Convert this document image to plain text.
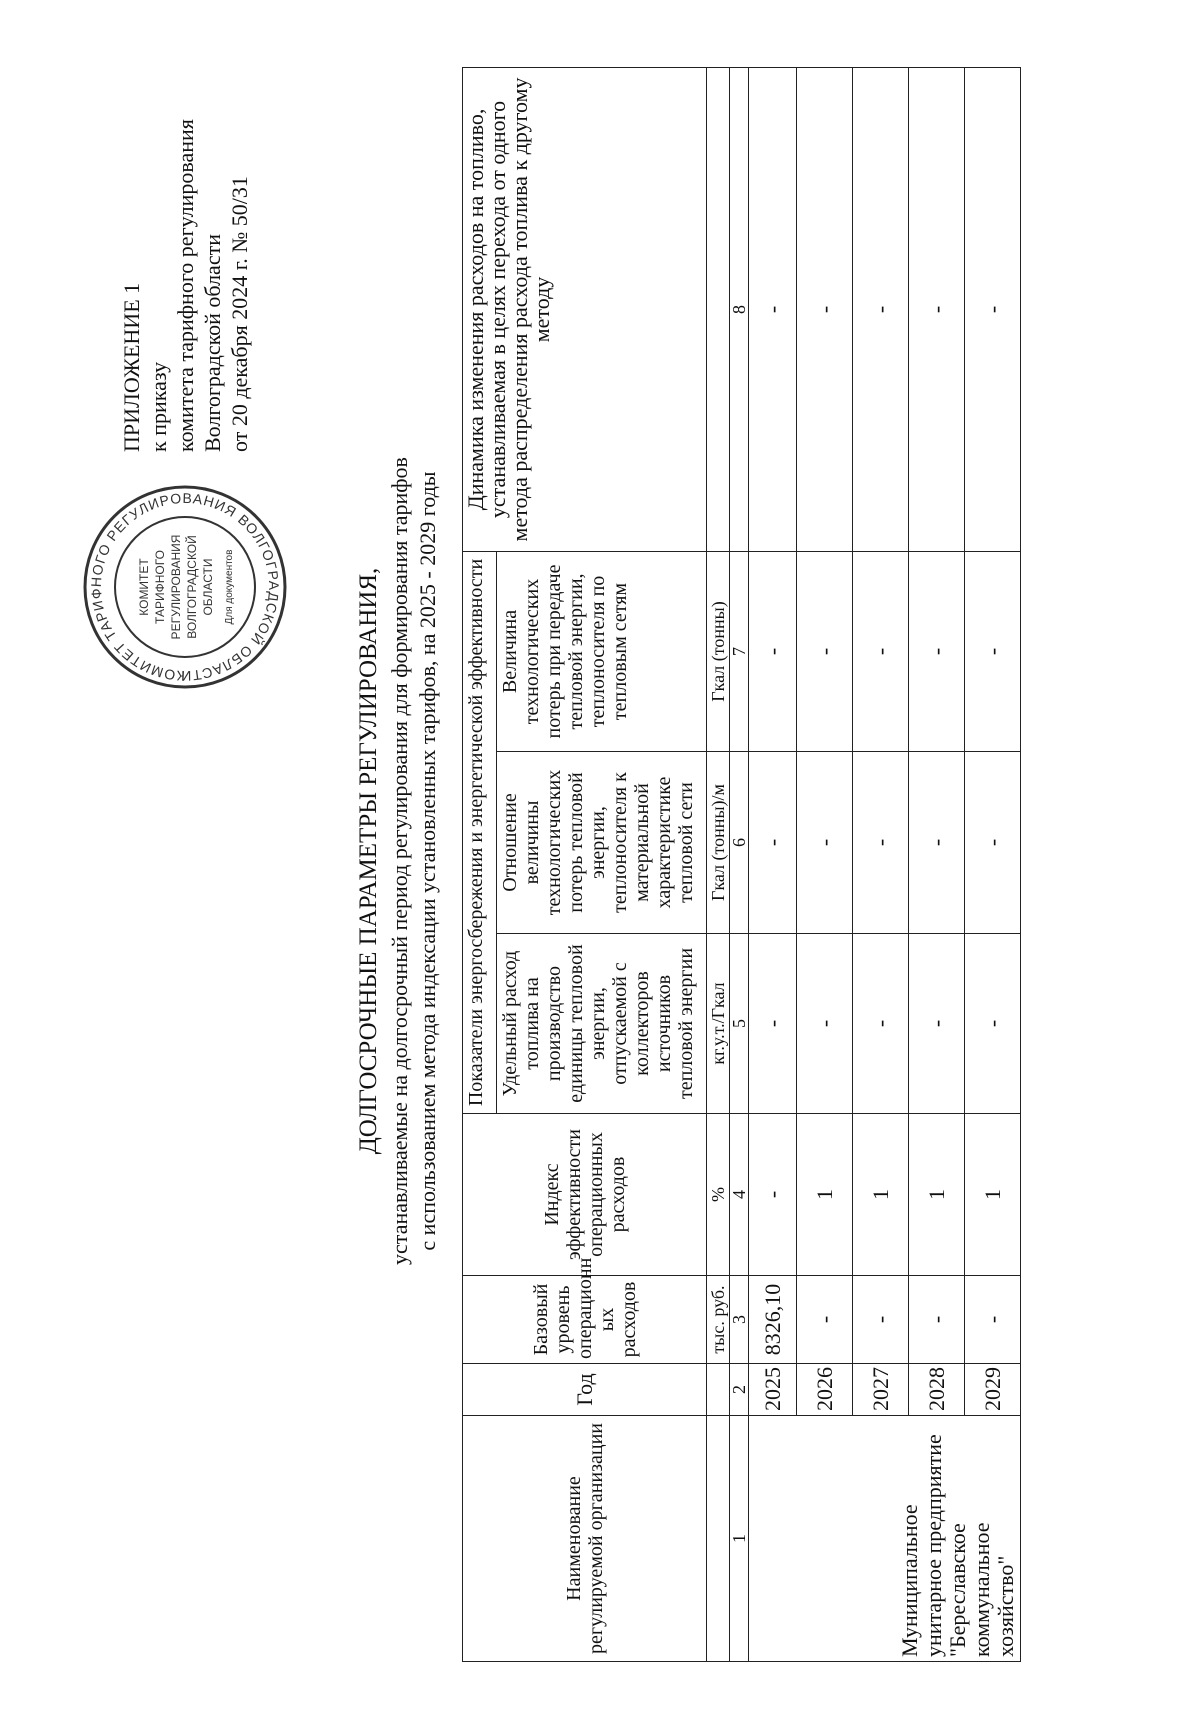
КОМИТЕТ ТАРИФНОГО РЕГУЛИРОВАНИЯ ВОЛГОГРАДСКОЙ ОБЛАСТИ
КОМИТЕТ ТАРИФНОГО РЕГУЛИРОВАНИЯ ВОЛГОГРАДСКОЙ ОБЛАСТИ Для документов
ПРИЛОЖЕНИЕ 1 к приказу комитета тарифного регулирования Волгоградской области от 20 декабря 2024 г. № 50/31
ДОЛГОСРОЧНЫЕ ПАРАМЕТРЫ РЕГУЛИРОВАНИЯ, устанавливаемые на долгосрочный период регулирования для формирования тарифов с использованием метода индексации установленных тарифов, на 2025 - 2029 годы
Наименование регулируемой организации	Год	Базовый уровень операционн ых расходов	Индекс эффективности операционных расходов	Показатели энергосбережения и энергетической эффективности			Динамика изменения расходов на топливо, устанавливаемая в целях перехода от одного метода распределения расхода топлива к другому методу
				Удельный расход топлива на производство единицы тепловой энергии, отпускаемой с коллекторов источников тепловой энергии	Отношение величины технологических потерь тепловой энергии, теплоносителя к материальной характеристике тепловой сети	Величина технологических потерь при передаче тепловой энергии, теплоносителя по тепловым сетям	
		тыс. руб.	%	кг.у.т./Гкал	Гкал (тонны)/м	Гкал (тонны)	
1	2	3	4	5	6	7	8
Муниципальное унитарное предприятие "Береславское коммунальное хозяйство"	2025	8326,10	-	-	-	-	-
	2026	-	1	-	-	-	-
	2027	-	1	-	-	-	-
	2028	-	1	-	-	-	-
	2029	-	1	-	-	-	-
